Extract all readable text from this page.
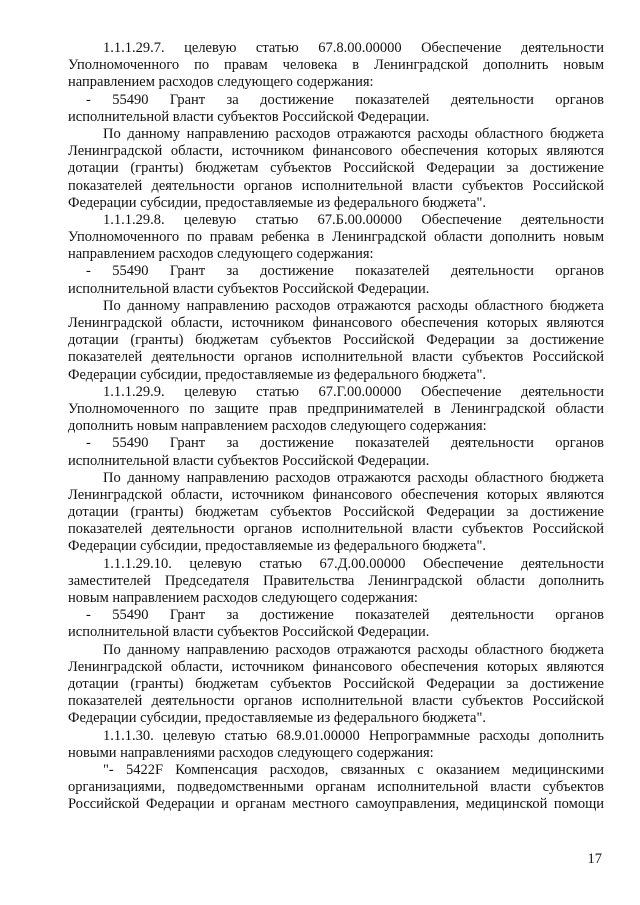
1.1.1.29.7. целевую статью 67.8.00.00000 Обеспечение деятельности
Уполномоченного по правам человека в Ленинградской дополнить новым
направлением расходов следующего содержания:
- 55490 Грант за достижение показателей деятельности органов
исполнительной власти субъектов Российской Федерации.
По данному направлению расходов отражаются расходы областного бюджета
Ленинградской области, источником финансового обеспечения которых являются
дотации (гранты) бюджетам субъектов Российской Федерации за достижение
показателей деятельности органов исполнительной власти субъектов Российской
Федерации субсидии, предоставляемые из федерального бюджета".
1.1.1.29.8. целевую статью 67.Б.00.00000 Обеспечение деятельности
Уполномоченного по правам ребенка в Ленинградской области дополнить новым
направлением расходов следующего содержания:
- 55490 Грант за достижение показателей деятельности органов
исполнительной власти субъектов Российской Федерации.
По данному направлению расходов отражаются расходы областного бюджета
Ленинградской области, источником финансового обеспечения которых являются
дотации (гранты) бюджетам субъектов Российской Федерации за достижение
показателей деятельности органов исполнительной власти субъектов Российской
Федерации субсидии, предоставляемые из федерального бюджета".
1.1.1.29.9. целевую статью 67.Г.00.00000 Обеспечение деятельности
Уполномоченного по защите прав предпринимателей в Ленинградской области
дополнить новым направлением расходов следующего содержания:
- 55490 Грант за достижение показателей деятельности органов
исполнительной власти субъектов Российской Федерации.
По данному направлению расходов отражаются расходы областного бюджета
Ленинградской области, источником финансового обеспечения которых являются
дотации (гранты) бюджетам субъектов Российской Федерации за достижение
показателей деятельности органов исполнительной власти субъектов Российской
Федерации субсидии, предоставляемые из федерального бюджета".
1.1.1.29.10. целевую статью 67.Д.00.00000 Обеспечение деятельности
заместителей Председателя Правительства Ленинградской области дополнить
новым направлением расходов следующего содержания:
- 55490 Грант за достижение показателей деятельности органов
исполнительной власти субъектов Российской Федерации.
По данному направлению расходов отражаются расходы областного бюджета
Ленинградской области, источником финансового обеспечения которых являются
дотации (гранты) бюджетам субъектов Российской Федерации за достижение
показателей деятельности органов исполнительной власти субъектов Российской
Федерации субсидии, предоставляемые из федерального бюджета".
1.1.1.30. целевую статью 68.9.01.00000 Непрограммные расходы дополнить
новыми направлениями расходов следующего содержания:
"- 5422F Компенсация расходов, связанных с оказанием медицинскими
организациями, подведомственными органам исполнительной власти субъектов
Российской Федерации и органам местного самоуправления, медицинской помощи
17
